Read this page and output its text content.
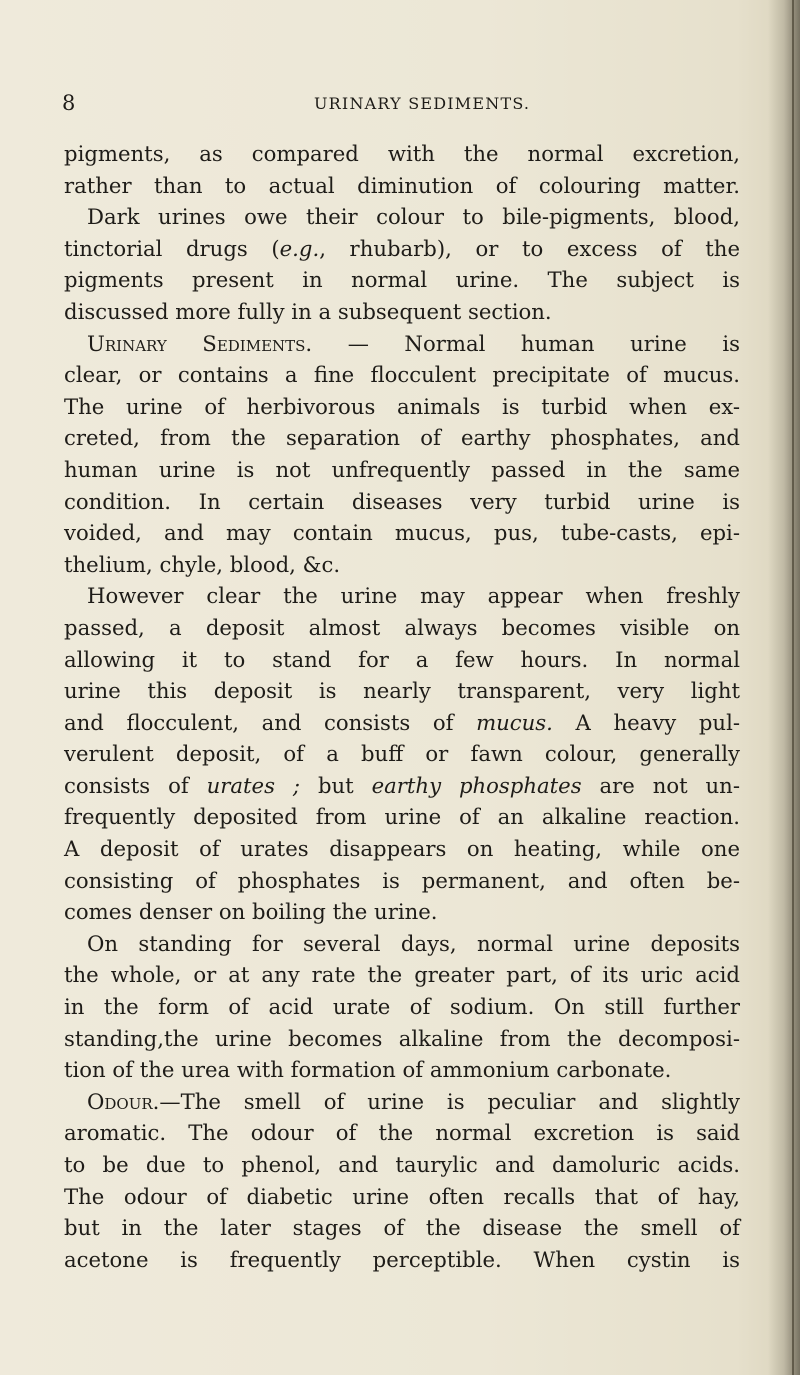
8	URINARY SEDIMENTS.
pigments, as compared with the normal excretion,
rather than to actual diminution of colouring matter.
Dark urines owe their colour to bile-pigments, blood,
tinctorial drugs (e.g., rhubarb), or to excess of the
pigments present in normal urine. The subject is
discussed more fully in a subsequent section.
Urinary Sediments. — Normal human urine is
clear, or contains a fine flocculent precipitate of mucus.
The urine of herbivorous animals is turbid when ex-
creted, from the separation of earthy phosphates, and
human urine is not unfrequently passed in the same
condition. In certain diseases very turbid urine is
voided, and may contain mucus, pus, tube-casts, epi-
thelium, chyle, blood, &c.
However clear the urine may appear when freshly
passed, a deposit almost always becomes visible on
allowing it to stand for a few hours. In normal
urine this deposit is nearly transparent, very light
and flocculent, and consists of mucus. A heavy pul-
verulent deposit, of a buff or fawn colour, generally
consists of urates ; but earthy phosphates are not un-
frequently deposited from urine of an alkaline reaction.
A deposit of urates disappears on heating, while one
consisting of phosphates is permanent, and often be-
comes denser on boiling the urine.
On standing for several days, normal urine deposits
the whole, or at any rate the greater part, of its uric acid
in the form of acid urate of sodium. On still further
standing,the urine becomes alkaline from the decomposi-
tion of the urea with formation of ammonium carbonate.
Odour.—The smell of urine is peculiar and slightly
aromatic. The odour of the normal excretion is said
to be due to phenol, and taurylic and damoluric acids.
The odour of diabetic urine often recalls that of hay,
but in the later stages of the disease the smell of
acetone is frequently perceptible. When cystin is
